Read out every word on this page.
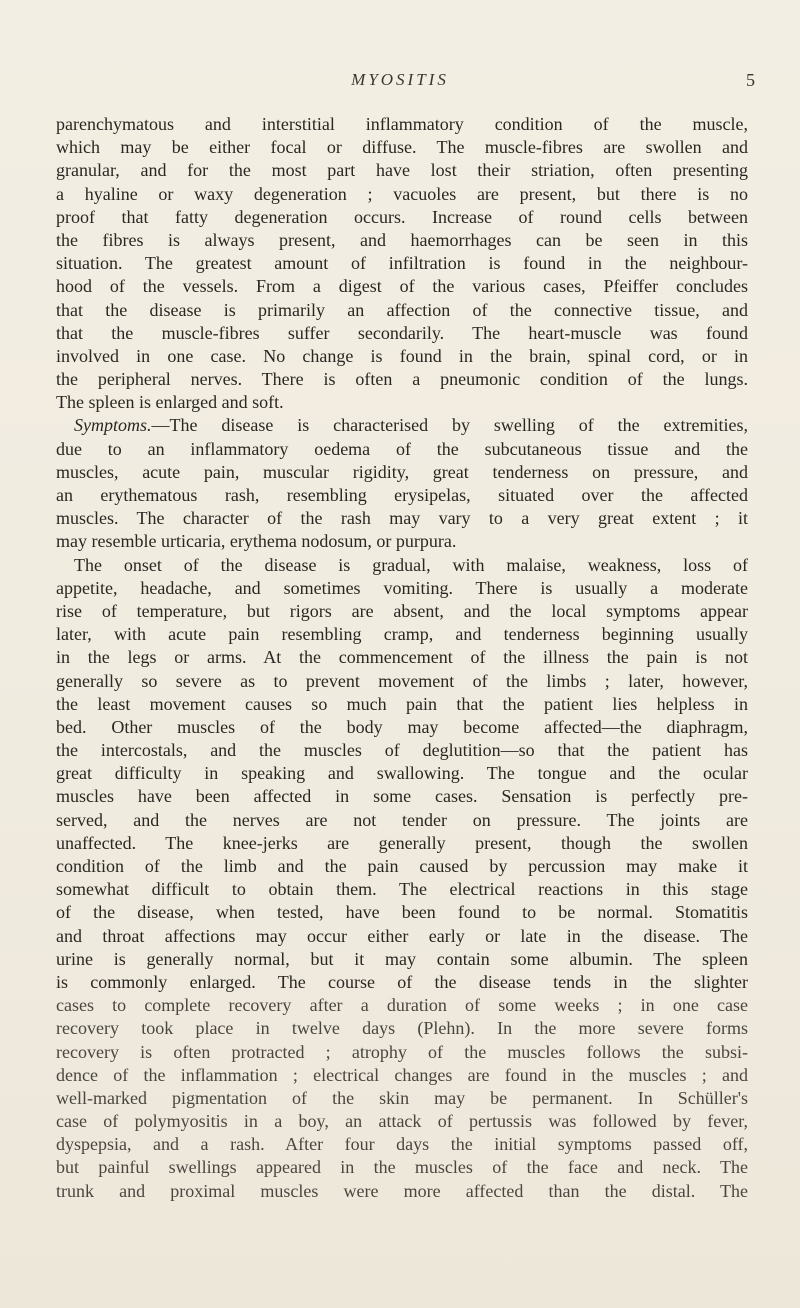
MYOSITIS	5
parenchymatous and interstitial inflammatory condition of the muscle,
which may be either focal or diffuse. The muscle-fibres are swollen and
granular, and for the most part have lost their striation, often presenting
a hyaline or waxy degeneration ; vacuoles are present, but there is no
proof that fatty degeneration occurs. Increase of round cells between
the fibres is always present, and haemorrhages can be seen in this
situation. The greatest amount of infiltration is found in the neighbour-
hood of the vessels. From a digest of the various cases, Pfeiffer concludes
that the disease is primarily an affection of the connective tissue, and
that the muscle-fibres suffer secondarily. The heart-muscle was found
involved in one case. No change is found in the brain, spinal cord, or in
the peripheral nerves. There is often a pneumonic condition of the lungs.
The spleen is enlarged and soft.
Symptoms.—The disease is characterised by swelling of the extremities,
due to an inflammatory oedema of the subcutaneous tissue and the
muscles, acute pain, muscular rigidity, great tenderness on pressure, and
an erythematous rash, resembling erysipelas, situated over the affected
muscles. The character of the rash may vary to a very great extent ; it
may resemble urticaria, erythema nodosum, or purpura.
The onset of the disease is gradual, with malaise, weakness, loss of
appetite, headache, and sometimes vomiting. There is usually a moderate
rise of temperature, but rigors are absent, and the local symptoms appear
later, with acute pain resembling cramp, and tenderness beginning usually
in the legs or arms. At the commencement of the illness the pain is not
generally so severe as to prevent movement of the limbs ; later, however,
the least movement causes so much pain that the patient lies helpless in
bed. Other muscles of the body may become affected—the diaphragm,
the intercostals, and the muscles of deglutition—so that the patient has
great difficulty in speaking and swallowing. The tongue and the ocular
muscles have been affected in some cases. Sensation is perfectly pre-
served, and the nerves are not tender on pressure. The joints are
unaffected. The knee-jerks are generally present, though the swollen
condition of the limb and the pain caused by percussion may make it
somewhat difficult to obtain them. The electrical reactions in this stage
of the disease, when tested, have been found to be normal. Stomatitis
and throat affections may occur either early or late in the disease. The
urine is generally normal, but it may contain some albumin. The spleen
is commonly enlarged. The course of the disease tends in the slighter
cases to complete recovery after a duration of some weeks ; in one case
recovery took place in twelve days (Plehn). In the more severe forms
recovery is often protracted ; atrophy of the muscles follows the subsi-
dence of the inflammation ; electrical changes are found in the muscles ; and
well-marked pigmentation of the skin may be permanent. In Schüller's
case of polymyositis in a boy, an attack of pertussis was followed by fever,
dyspepsia, and a rash. After four days the initial symptoms passed off,
but painful swellings appeared in the muscles of the face and neck. The
trunk and proximal muscles were more affected than the distal. The
